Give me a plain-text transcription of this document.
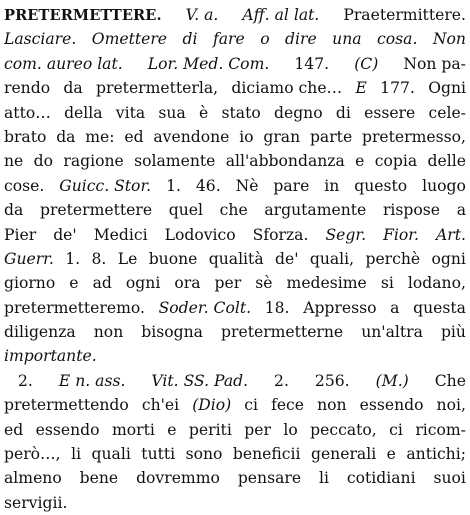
PRETERMETTERE. V. a. Aff. al lat. Praetermittere.
Lasciare. Omettere di fare o dire una cosa. Non
com. aureo lat. Lor. Med. Com. 147. (C) Non pa-
rendo da pretermetterla, diciamo che… E 177. Ogni
atto… della vita sua è stato degno di essere cele-
brato da me: ed avendone io gran parte pretermesso,
ne do ragione solamente all'abbondanza e copia delle
cose. Guicc. Stor. 1. 46. Nè pare in questo luogo
da pretermettere quel che argutamente rispose a
Pier de' Medici Lodovico Sforza. Segr. Fior. Art.
Guerr. 1. 8. Le buone qualità de' quali, perchè ogni
giorno e ad ogni ora per sè medesime si lodano,
pretermetteremo. Soder. Colt. 18. Appresso a questa
diligenza non bisogna pretermetterne un'altra più
importante.
2. E n. ass. Vit. SS. Pad. 2. 256. (M.) Che
pretermettendo ch'ei (Dio) ci fece non essendo noi,
ed essendo morti e periti per lo peccato, ci ricom-
però…, li quali tutti sono beneficii generali e antichi;
almeno bene dovremmo pensare li cotidiani suoi
servigii.
